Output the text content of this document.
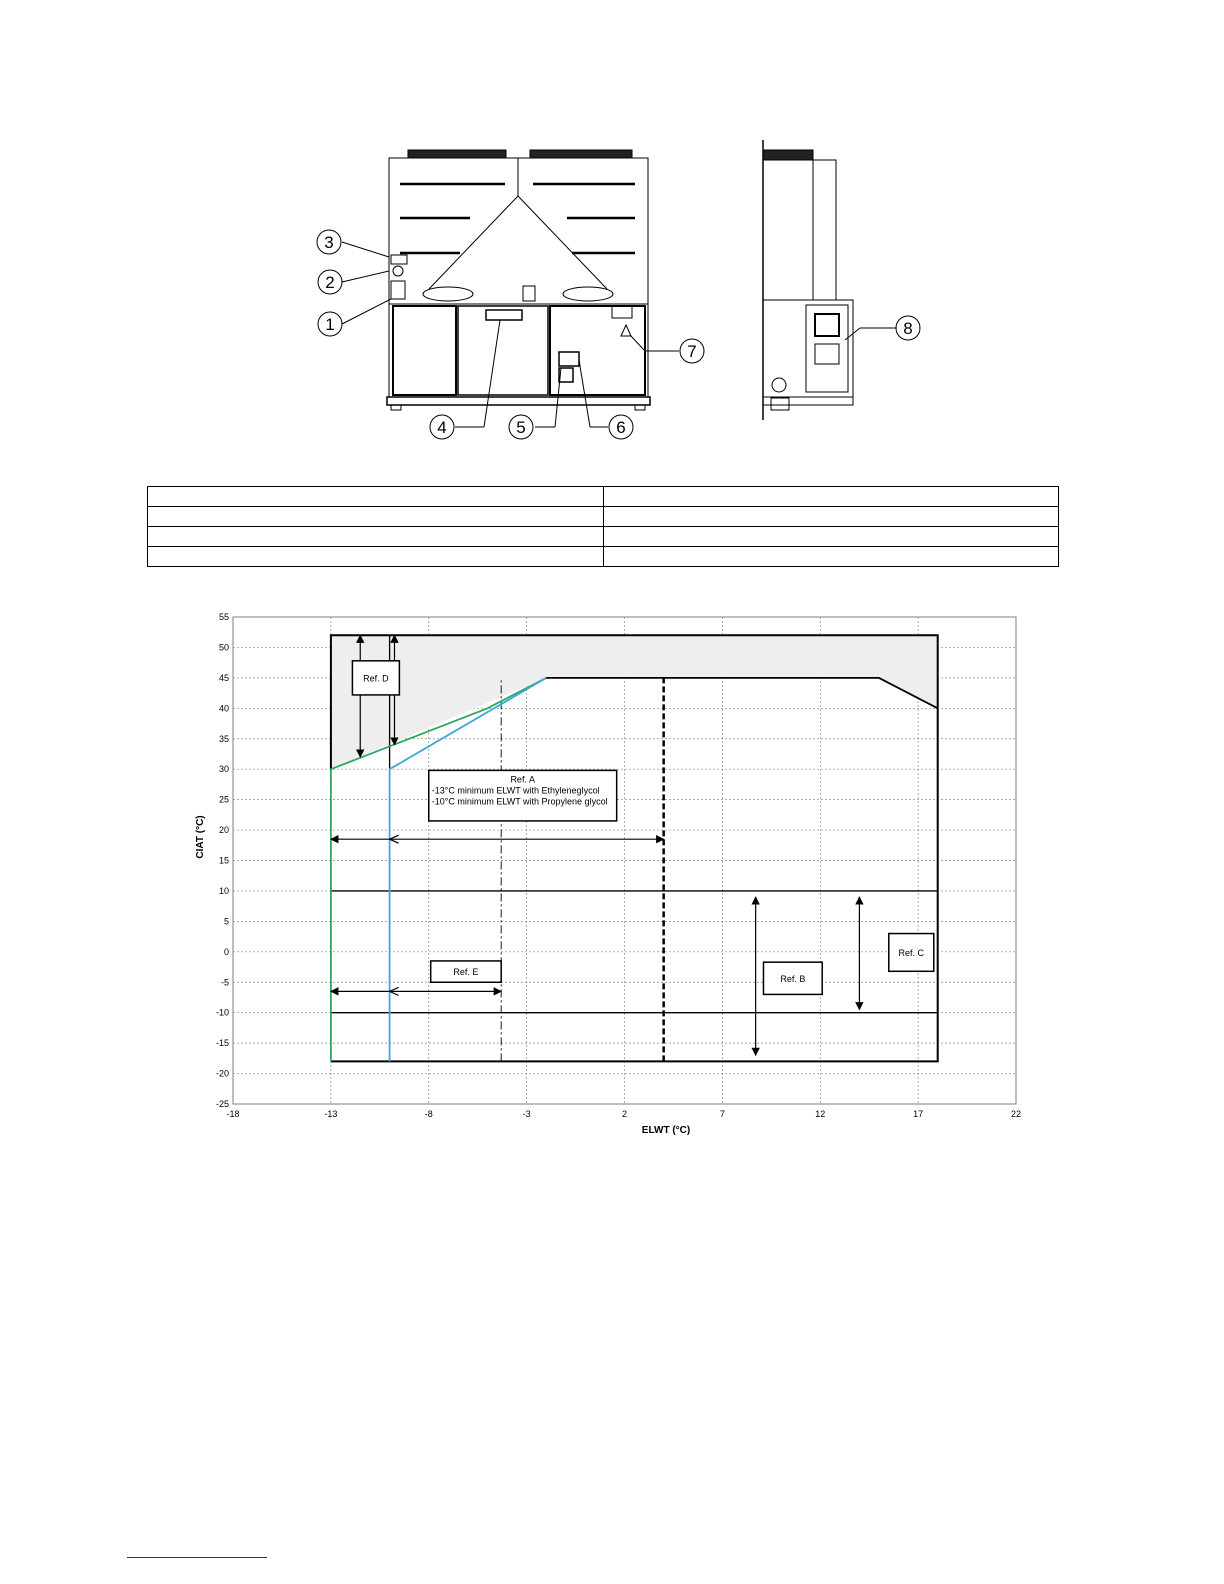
3
2
1
4	5	6
7
8

Ref. D
Ref. A
-13°C minimum ELWT with Ethyleneglycol
-10°C minimum ELWT with Propylene glycol
Ref. E
Ref. B
Ref. C
55
50
45
40
35
30
25
20
15
10
5
0
-5
-10
-15
-20
-25
-18	-13	-8	-3	2	7	12	17	22
ELWT (°C)
CIAT (°C)
